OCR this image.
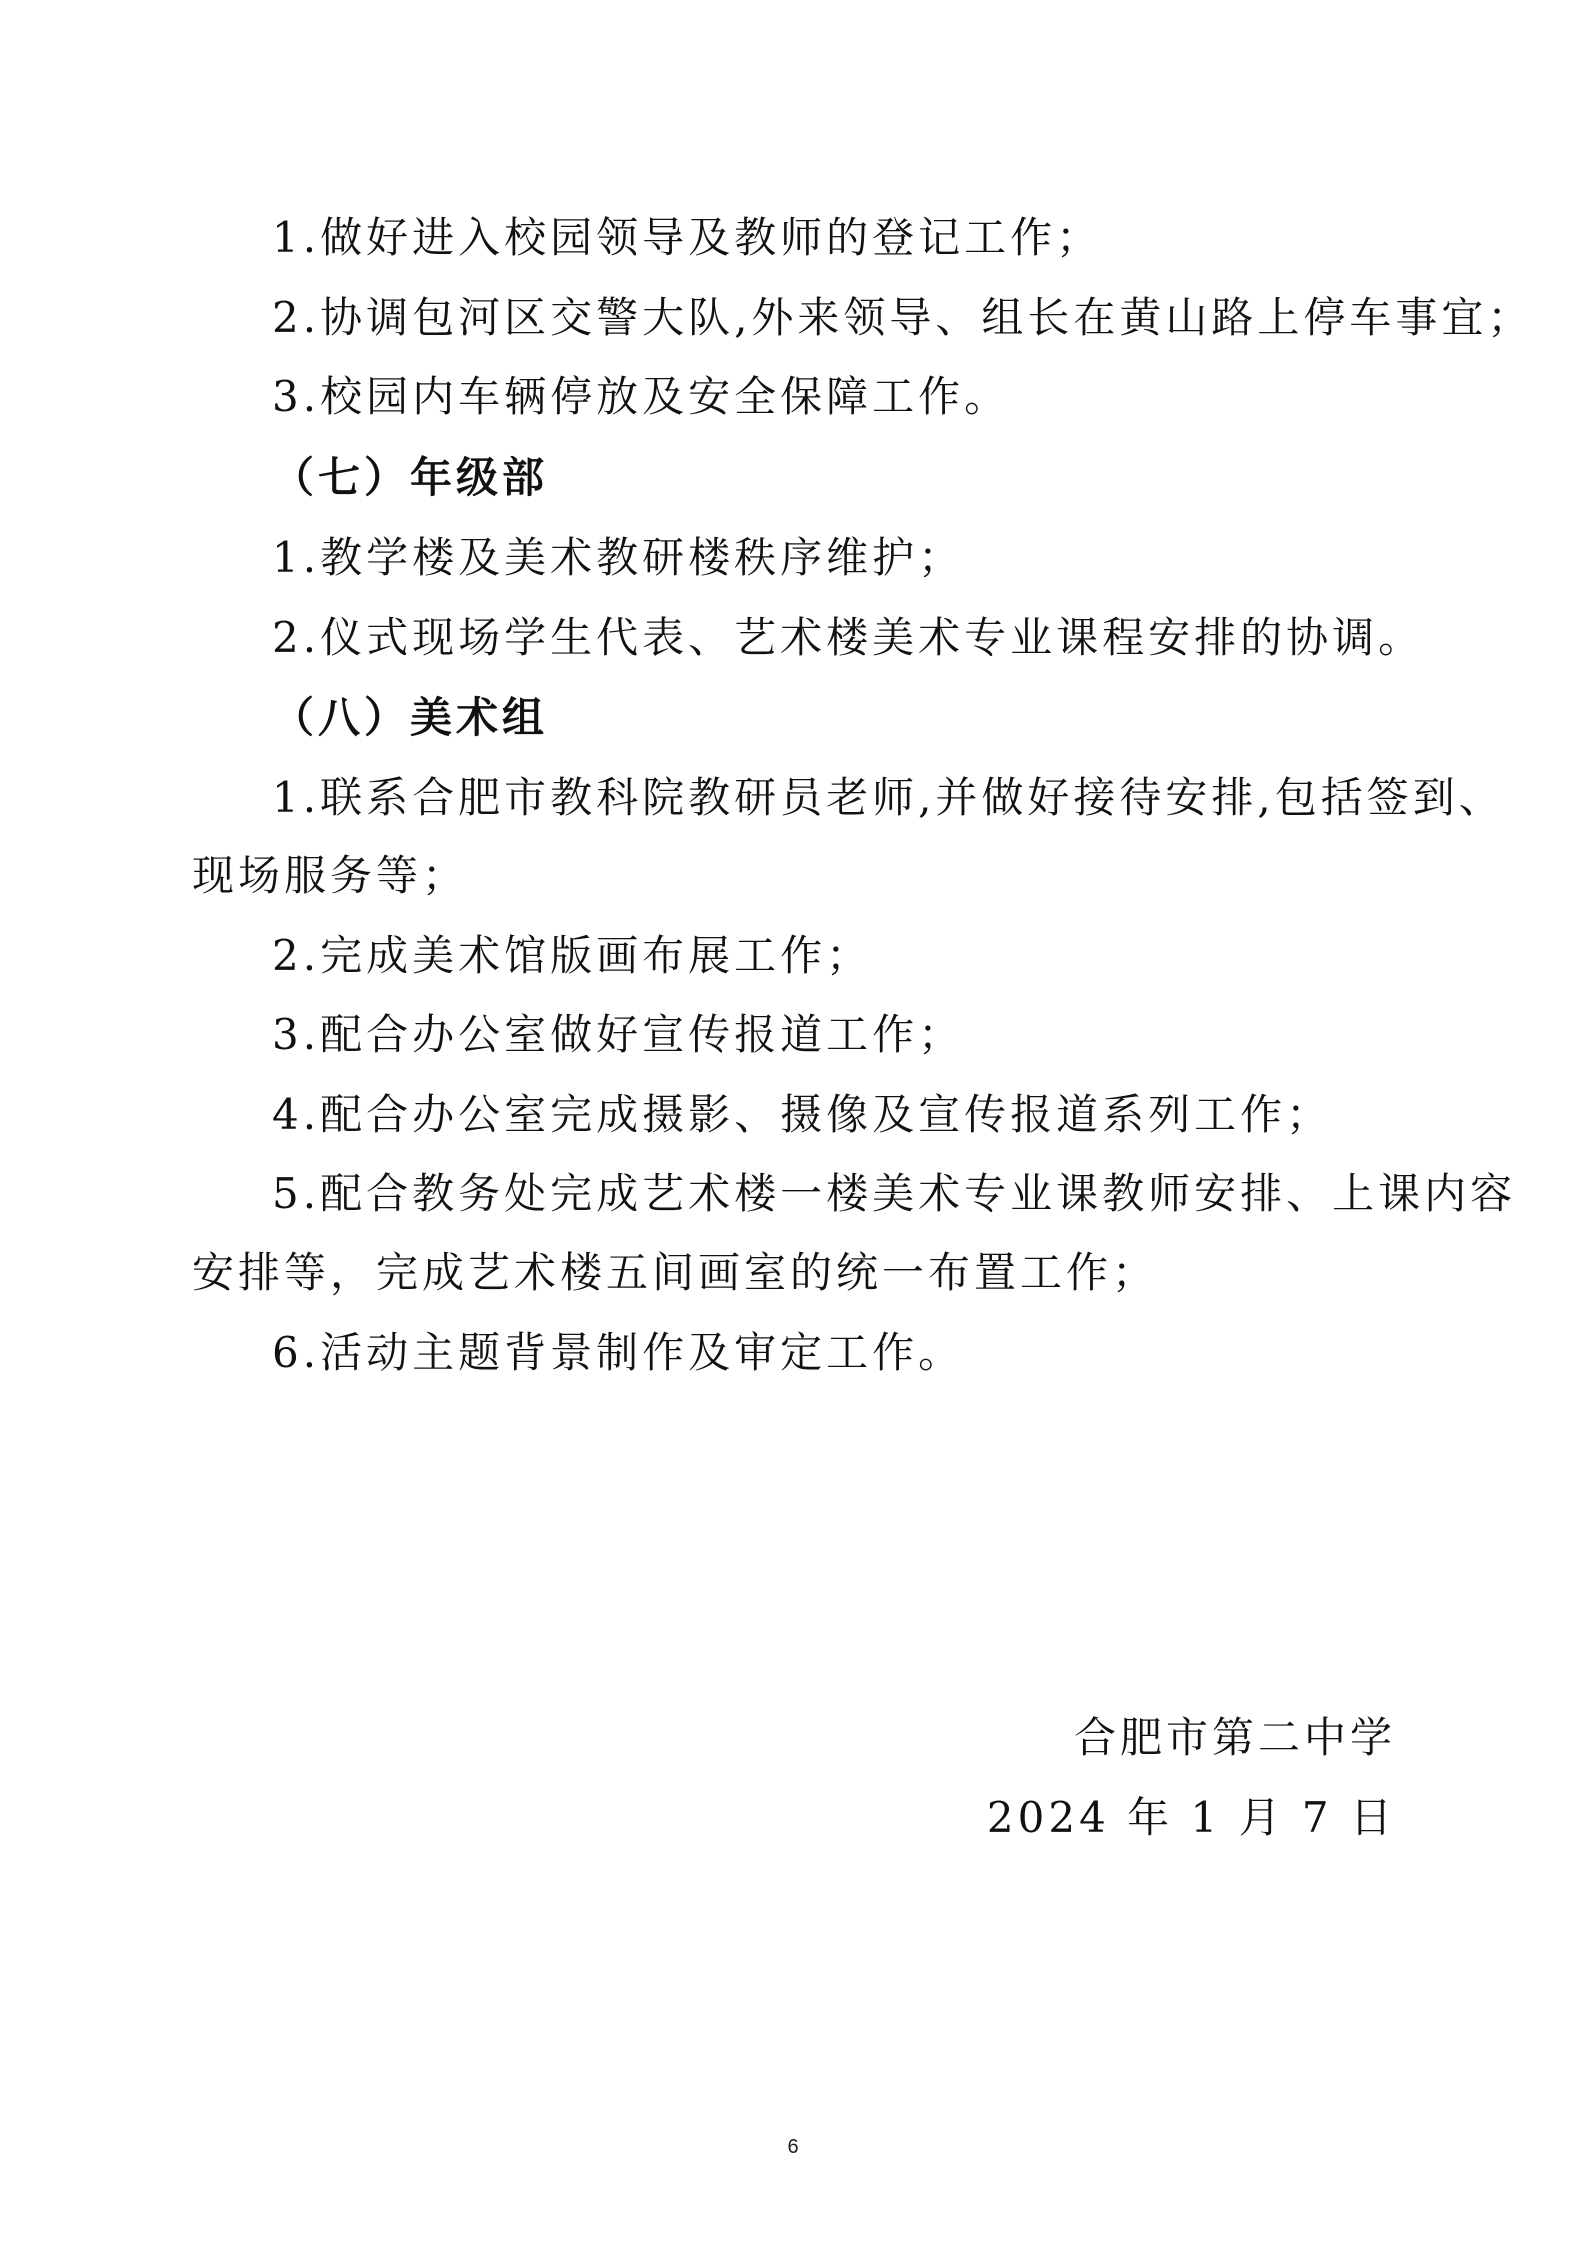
1.做好进入校园领导及教师的登记工作；
2.协调包河区交警大队,外来领导、组长在黄山路上停车事宜；
3.校园内车辆停放及安全保障工作。
（七）年级部
1.教学楼及美术教研楼秩序维护；
2.仪式现场学生代表、艺术楼美术专业课程安排的协调。
（八）美术组
1.联系合肥市教科院教研员老师,并做好接待安排,包括签到、
现场服务等；
2.完成美术馆版画布展工作；
3.配合办公室做好宣传报道工作；
4.配合办公室完成摄影、摄像及宣传报道系列工作；
5.配合教务处完成艺术楼一楼美术专业课教师安排、上课内容
安排等，完成艺术楼五间画室的统一布置工作；
6.活动主题背景制作及审定工作。
合肥市第二中学
2024 年 1 月 7 日
6
